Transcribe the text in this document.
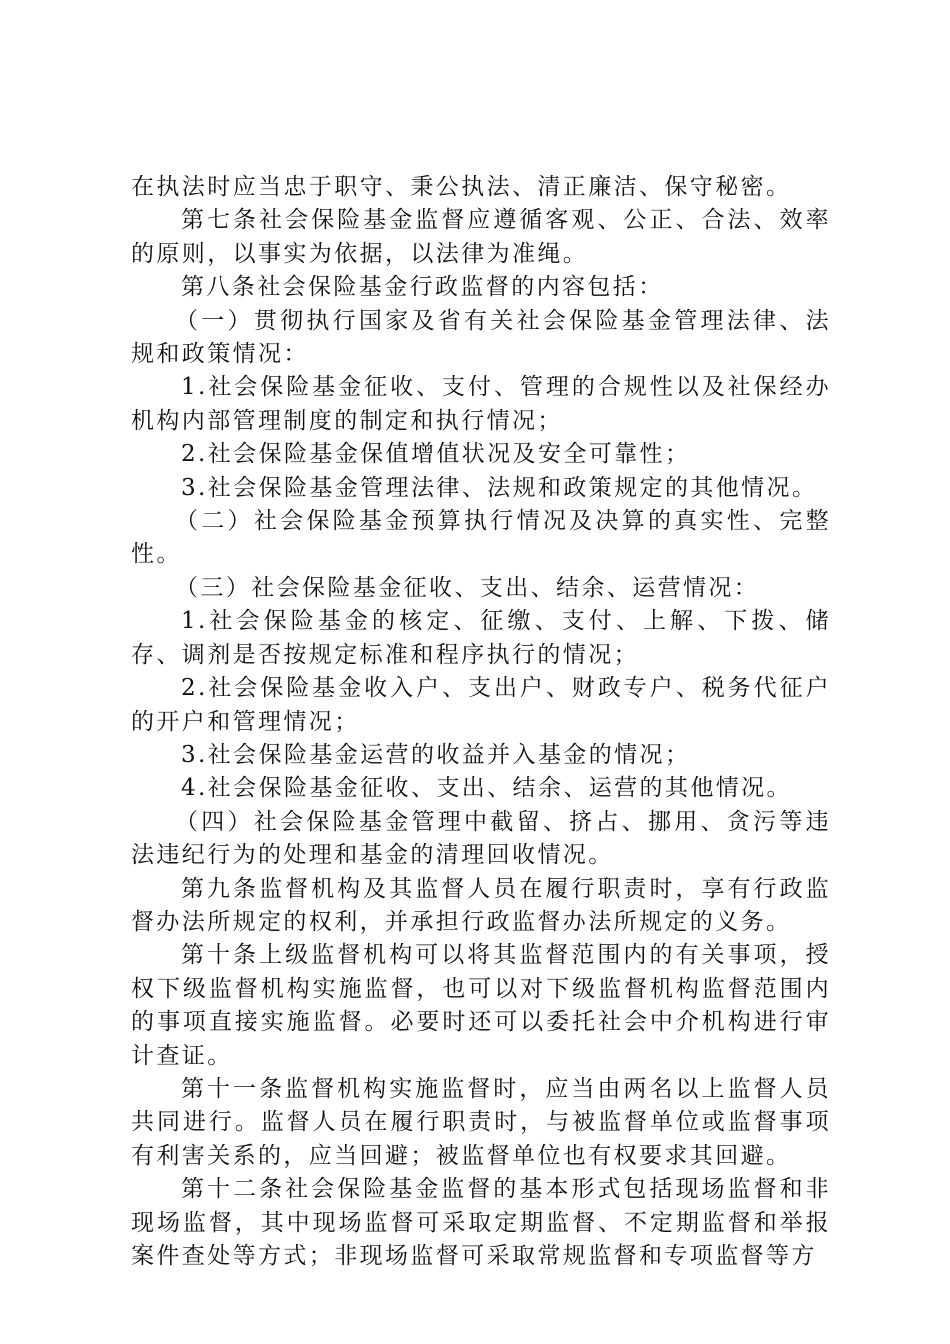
在执法时应当忠于职守、秉公执法、清正廉洁、保守秘密。

第七条社会保险基金监督应遵循客观、公正、合法、效率的原则，以事实为依据，以法律为准绳。

第八条社会保险基金行政监督的内容包括：

（一）贯彻执行国家及省有关社会保险基金管理法律、法规和政策情况：

1.社会保险基金征收、支付、管理的合规性以及社保经办机构内部管理制度的制定和执行情况；

2.社会保险基金保值增值状况及安全可靠性；

3.社会保险基金管理法律、法规和政策规定的其他情况。

（二）社会保险基金预算执行情况及决算的真实性、完整性。

（三）社会保险基金征收、支出、结余、运营情况：

1.社会保险基金的核定、征缴、支付、上解、下拨、储存、调剂是否按规定标准和程序执行的情况；

2.社会保险基金收入户、支出户、财政专户、税务代征户的开户和管理情况；

3.社会保险基金运营的收益并入基金的情况；

4.社会保险基金征收、支出、结余、运营的其他情况。

（四）社会保险基金管理中截留、挤占、挪用、贪污等违法违纪行为的处理和基金的清理回收情况。

第九条监督机构及其监督人员在履行职责时，享有行政监督办法所规定的权利，并承担行政监督办法所规定的义务。

第十条上级监督机构可以将其监督范围内的有关事项，授权下级监督机构实施监督，也可以对下级监督机构监督范围内的事项直接实施监督。必要时还可以委托社会中介机构进行审计查证。

第十一条监督机构实施监督时，应当由两名以上监督人员共同进行。监督人员在履行职责时，与被监督单位或监督事项有利害关系的，应当回避；被监督单位也有权要求其回避。

第十二条社会保险基金监督的基本形式包括现场监督和非现场监督，其中现场监督可采取定期监督、不定期监督和举报案件查处等方式；非现场监督可采取常规监督和专项监督等方
